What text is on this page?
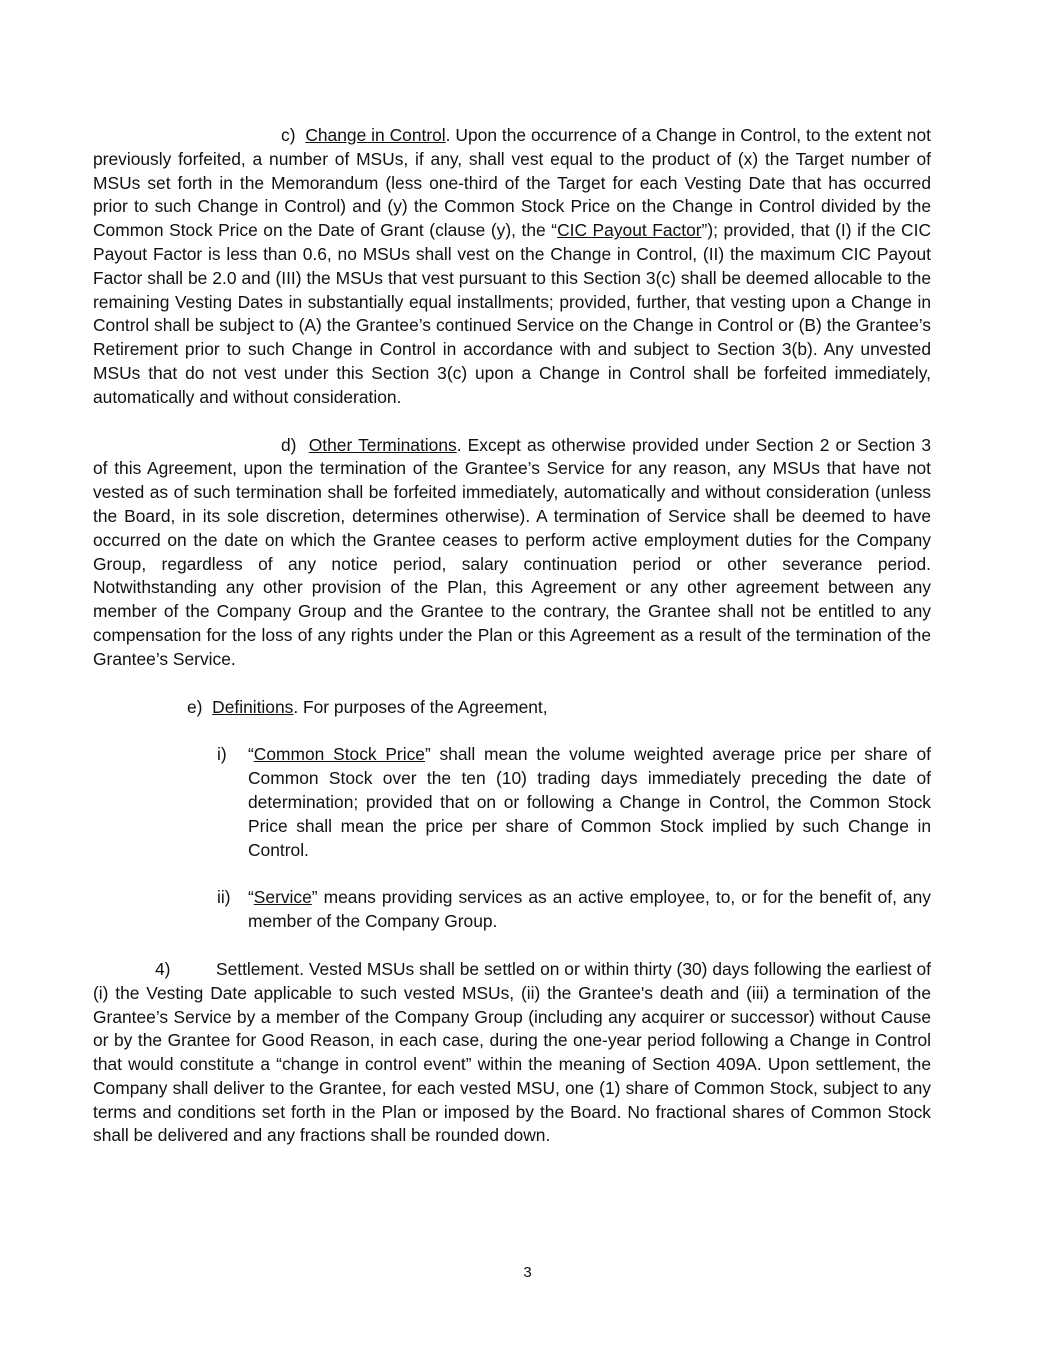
c) Change in Control. Upon the occurrence of a Change in Control, to the extent not previously forfeited, a number of MSUs, if any, shall vest equal to the product of (x) the Target number of MSUs set forth in the Memorandum (less one-third of the Target for each Vesting Date that has occurred prior to such Change in Control) and (y) the Common Stock Price on the Change in Control divided by the Common Stock Price on the Date of Grant (clause (y), the “CIC Payout Factor”); provided, that (I) if the CIC Payout Factor is less than 0.6, no MSUs shall vest on the Change in Control, (II) the maximum CIC Payout Factor shall be 2.0 and (III) the MSUs that vest pursuant to this Section 3(c) shall be deemed allocable to the remaining Vesting Dates in substantially equal installments; provided, further, that vesting upon a Change in Control shall be subject to (A) the Grantee’s continued Service on the Change in Control or (B) the Grantee’s Retirement prior to such Change in Control in accordance with and subject to Section 3(b). Any unvested MSUs that do not vest under this Section 3(c) upon a Change in Control shall be forfeited immediately, automatically and without consideration.

d) Other Terminations. Except as otherwise provided under Section 2 or Section 3 of this Agreement, upon the termination of the Grantee’s Service for any reason, any MSUs that have not vested as of such termination shall be forfeited immediately, automatically and without consideration (unless the Board, in its sole discretion, determines otherwise). A termination of Service shall be deemed to have occurred on the date on which the Grantee ceases to perform active employment duties for the Company Group, regardless of any notice period, salary continuation period or other severance period. Notwithstanding any other provision of the Plan, this Agreement or any other agreement between any member of the Company Group and the Grantee to the contrary, the Grantee shall not be entitled to any compensation for the loss of any rights under the Plan or this Agreement as a result of the termination of the Grantee’s Service.

e) Definitions. For purposes of the Agreement,

i) “Common Stock Price” shall mean the volume weighted average price per share of Common Stock over the ten (10) trading days immediately preceding the date of determination; provided that on or following a Change in Control, the Common Stock Price shall mean the price per share of Common Stock implied by such Change in Control.

ii) “Service” means providing services as an active employee, to, or for the benefit of, any member of the Company Group.

4)	Settlement. Vested MSUs shall be settled on or within thirty (30) days following the earliest of (i) the Vesting Date applicable to such vested MSUs, (ii) the Grantee's death and (iii) a termination of the Grantee’s Service by a member of the Company Group (including any acquirer or successor) without Cause or by the Grantee for Good Reason, in each case, during the one-year period following a Change in Control that would constitute a “change in control event” within the meaning of Section 409A. Upon settlement, the Company shall deliver to the Grantee, for each vested MSU, one (1) share of Common Stock, subject to any terms and conditions set forth in the Plan or imposed by the Board. No fractional shares of Common Stock shall be delivered and any fractions shall be rounded down.

3
